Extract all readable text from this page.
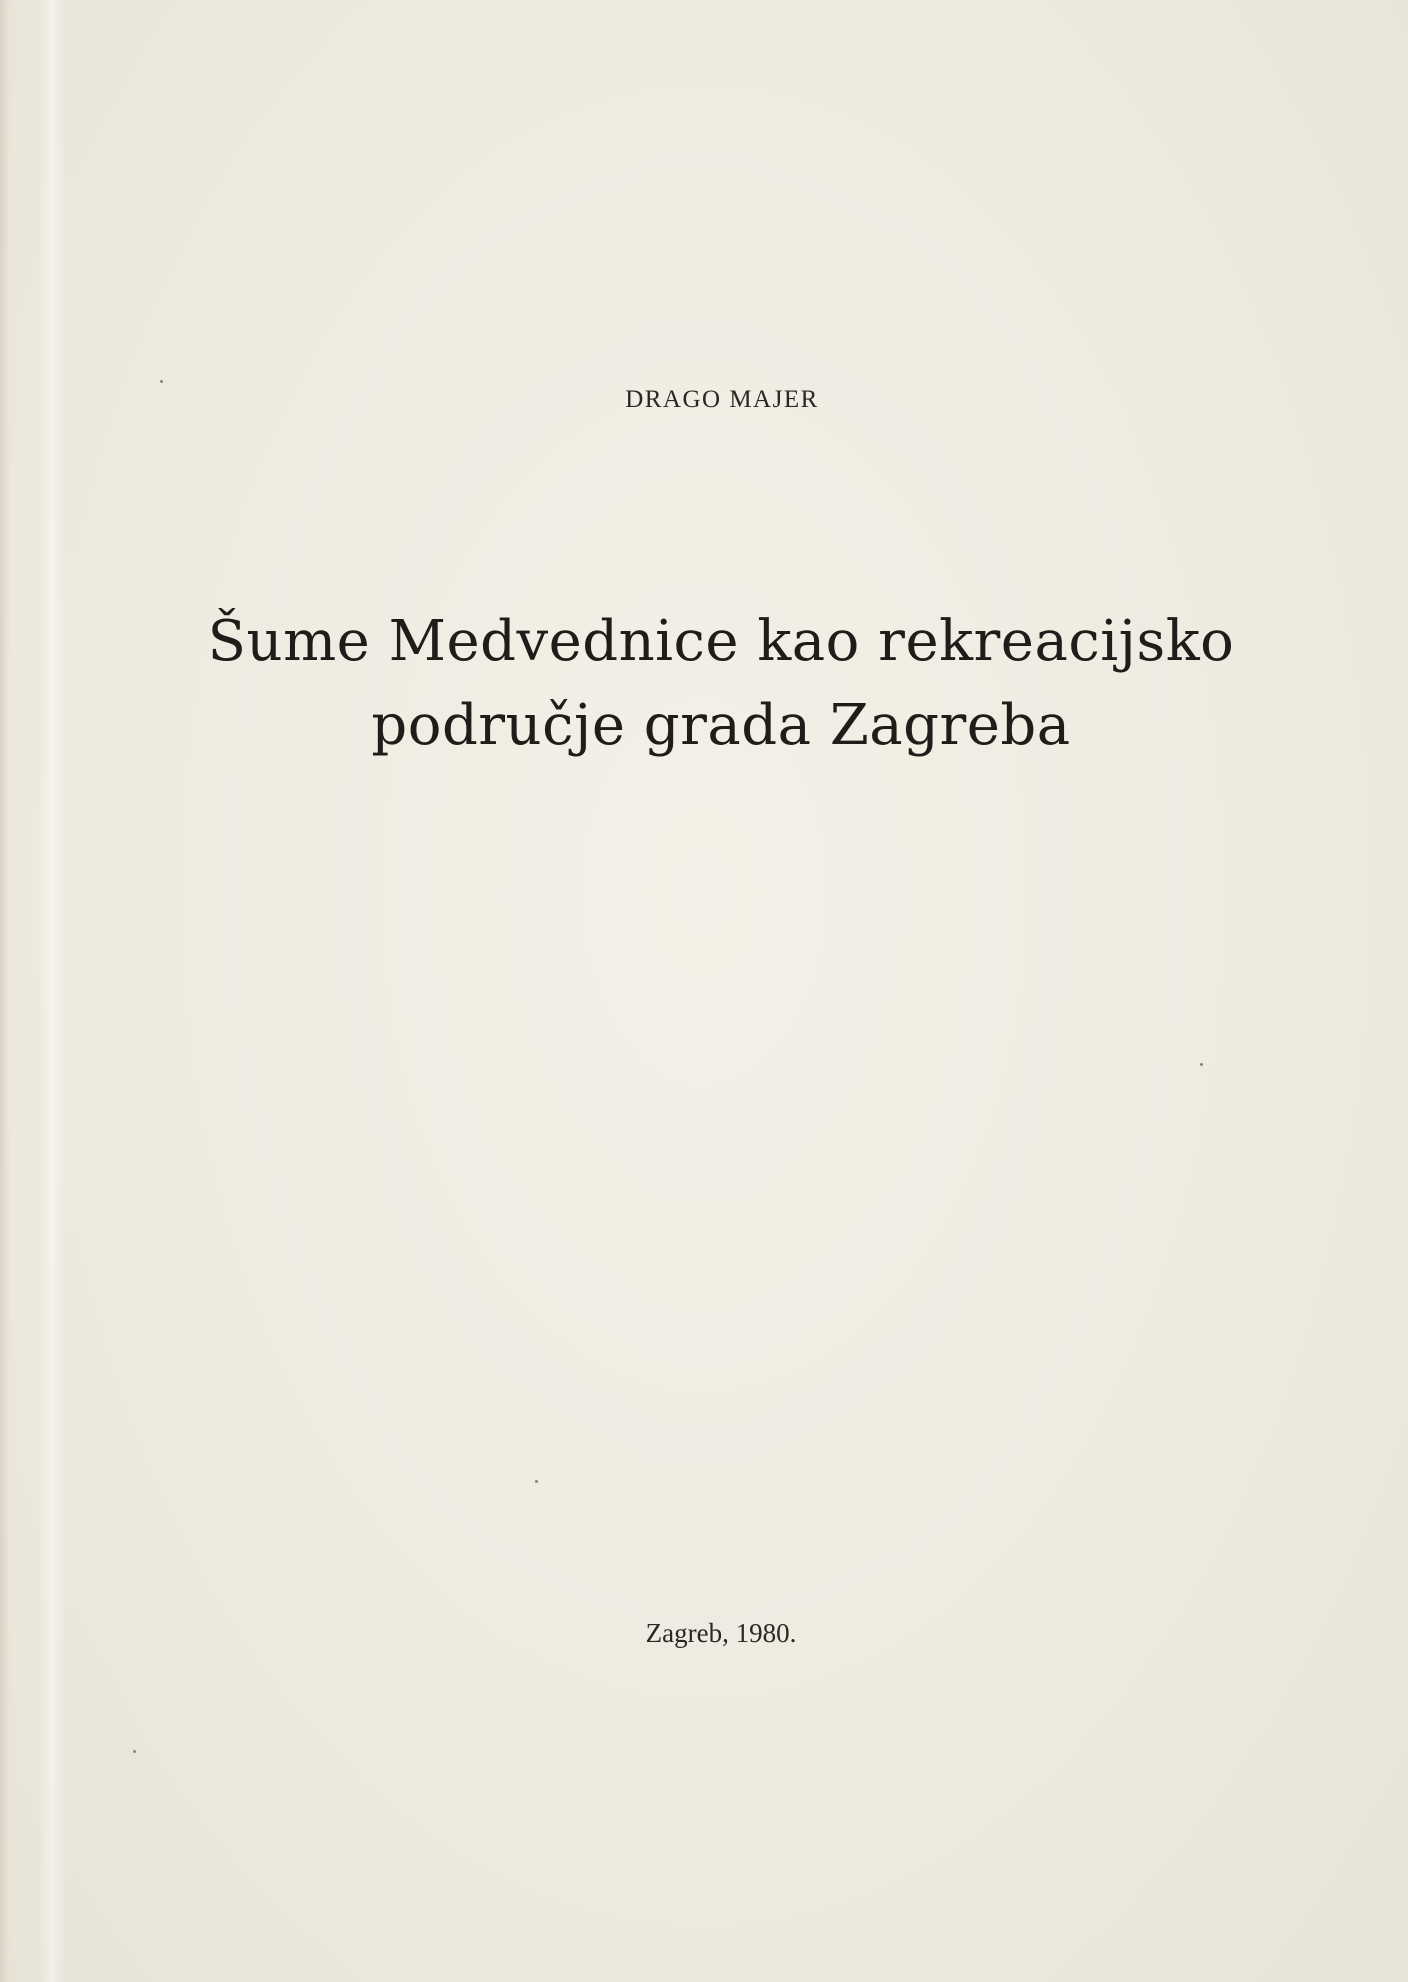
DRAGO MAJER
Šume Medvednice kao rekreacijsko
područje grada Zagreba
Zagreb, 1980.
